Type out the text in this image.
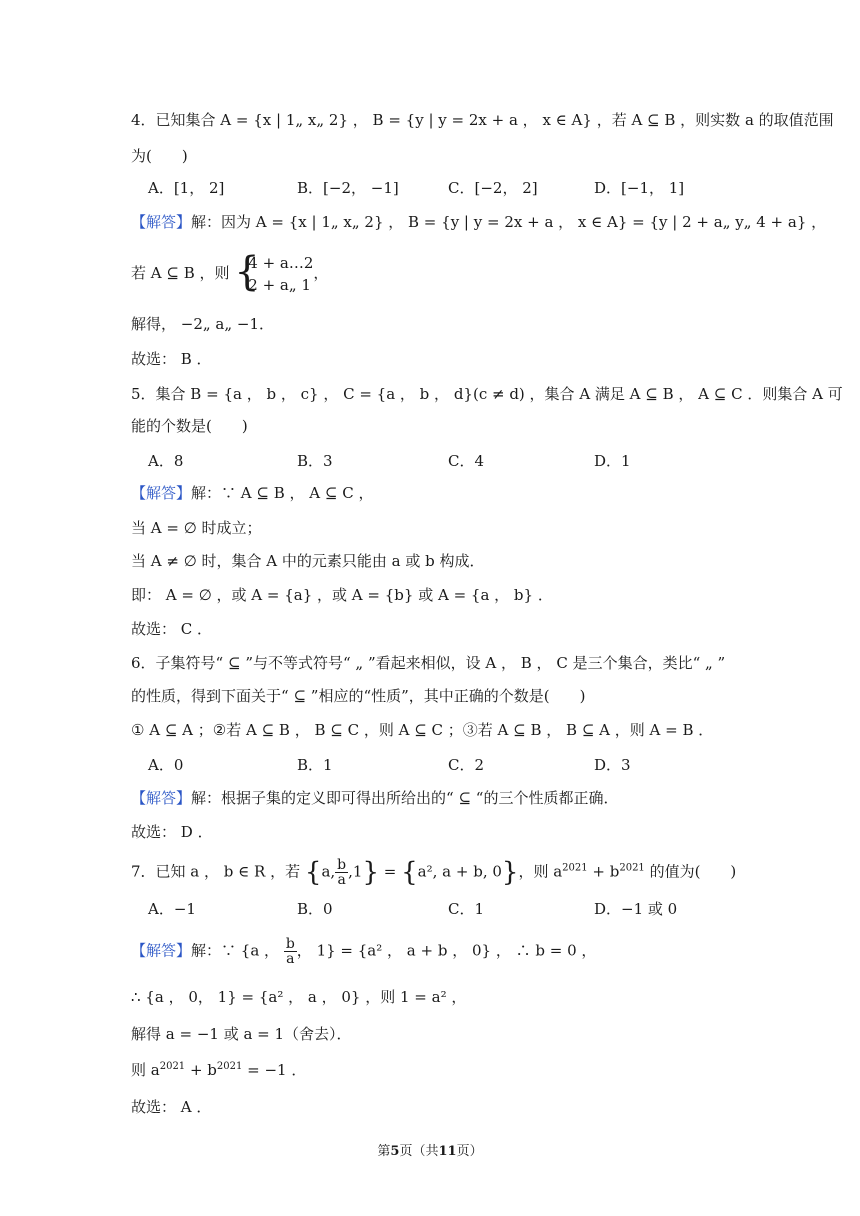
4．已知集合 A = {x | 1„ x„ 2} ， B = {y | y = 2x + a ， x ∈ A} ，若 A ⊆ B ，则实数 a 的取值范围
为(　　)
A．[1， 2]	B．[−2， −1]	C．[−2， 2]	D．[−1， 1]
【解答】解：因为 A = {x | 1„ x„ 2} ， B = {y | y = 2x + a ， x ∈ A} = {y | 2 + a„ y„ 4 + a} ，
若 A ⊆ B ，则 {
4 + a…2
2 + a„ 1
，
解得， −2„ a„ −1．
故选： B ．
5．集合 B = {a ， b ， c} ， C = {a ， b ， d}(c ≠ d) ，集合 A 满足 A ⊆ B ， A ⊆ C ．则集合 A 可
能的个数是(　　)
A．8	B．3	C．4	D．1
【解答】解：∵ A ⊆ B ， A ⊆ C ，
当 A = ∅ 时成立；
当 A ≠ ∅ 时，集合 A 中的元素只能由 a 或 b 构成．
即： A = ∅ ，或 A = {a} ，或 A = {b} 或 A = {a ， b} ．
故选： C ．
6．子集符号“ ⊆ ”与不等式符号“ „ ”看起来相似，设 A ， B ， C 是三个集合，类比“ „ ”
的性质，得到下面关于“ ⊆ ”相应的“性质”，其中正确的个数是(　　)
① A ⊆ A ；②若 A ⊆ B ， B ⊆ C ，则 A ⊆ C ；③若 A ⊆ B ， B ⊆ A ，则 A = B ．
A．0	B．1	C．2	D．3
【解答】解：根据子集的定义即可得出所给出的“ ⊆ “的三个性质都正确．
故选： D ．
7．已知 a ， b ∈ R ，若 {a, $\frac{b}{a} ,1\} = \{a^2$, a + b, 0}，则 $a^{2021} + b^{2021}$ 的值为(　　)
A．−1	B．0	C．1	D．−1 或 0
【解答】解：∵ {a ， $\frac{b}{a}$ ， 1} = {a² ， a + b ， 0} ， ∴ b = 0 ，
∴ {a ， 0， 1} = {a² ， a ， 0} ，则 1 = a² ，
解得 a = −1 或 a = 1（舍去）．
则 $a^{2021} + b^{2021} = -1$ ．
故选： A ．
第5页（共11页）
